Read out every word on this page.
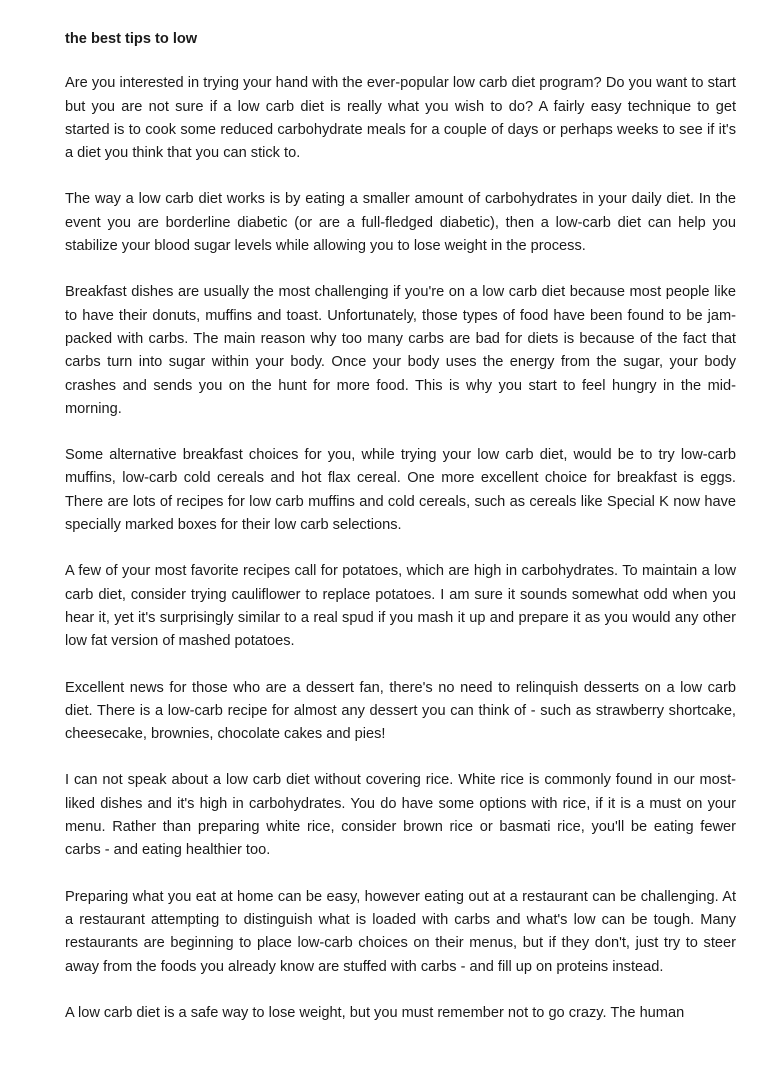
the best tips to low

Are you interested in trying your hand with the ever-popular low carb diet program? Do you want to start but you are not sure if a low carb diet is really what you wish to do? A fairly easy technique to get started is to cook some reduced carbohydrate meals for a couple of days or perhaps weeks to see if it's a diet you think that you can stick to.

The way a low carb diet works is by eating a smaller amount of carbohydrates in your daily diet. In the event you are borderline diabetic (or are a full-fledged diabetic), then a low-carb diet can help you stabilize your blood sugar levels while allowing you to lose weight in the process.

Breakfast dishes are usually the most challenging if you're on a low carb diet because most people like to have their donuts, muffins and toast. Unfortunately, those types of food have been found to be jam-packed with carbs. The main reason why too many carbs are bad for diets is because of the fact that carbs turn into sugar within your body. Once your body uses the energy from the sugar, your body crashes and sends you on the hunt for more food. This is why you start to feel hungry in the mid-morning.

Some alternative breakfast choices for you, while trying your low carb diet, would be to try low-carb muffins, low-carb cold cereals and hot flax cereal. One more excellent choice for breakfast is eggs. There are lots of recipes for low carb muffins and cold cereals, such as cereals like Special K now have specially marked boxes for their low carb selections.

A few of your most favorite recipes call for potatoes, which are high in carbohydrates. To maintain a low carb diet, consider trying cauliflower to replace potatoes. I am sure it sounds somewhat odd when you hear it, yet it's surprisingly similar to a real spud if you mash it up and prepare it as you would any other low fat version of mashed potatoes.

Excellent news for those who are a dessert fan, there's no need to relinquish desserts on a low carb diet. There is a low-carb recipe for almost any dessert you can think of - such as strawberry shortcake, cheesecake, brownies, chocolate cakes and pies!

I can not speak about a low carb diet without covering rice. White rice is commonly found in our most-liked dishes and it's high in carbohydrates. You do have some options with rice, if it is a must on your menu. Rather than preparing white rice, consider brown rice or basmati rice, you'll be eating fewer carbs - and eating healthier too.

Preparing what you eat at home can be easy, however eating out at a restaurant can be challenging. At a restaurant attempting to distinguish what is loaded with carbs and what's low can be tough. Many restaurants are beginning to place low-carb choices on their menus, but if they don't, just try to steer away from the foods you already know are stuffed with carbs - and fill up on proteins instead.

A low carb diet is a safe way to lose weight, but you must remember not to go crazy. The human
